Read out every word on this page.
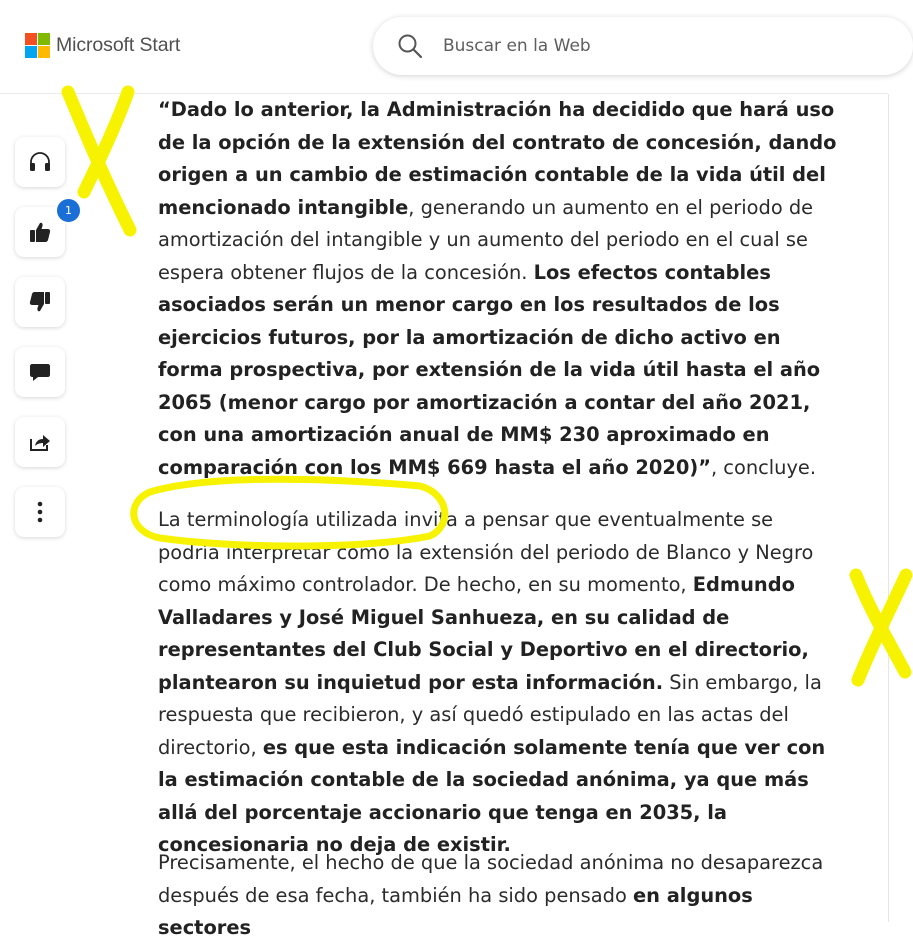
Microsoft Start
Buscar en la Web
1

“Dado lo anterior, la Administración ha decidido que hará uso de la opción de la extensión del contrato de concesión, dando origen a un cambio de estimación contable de la vida útil del mencionado intangible, generando un aumento en el periodo de amortización del intangible y un aumento del periodo en el cual se espera obtener flujos de la concesión. Los efectos contables asociados serán un menor cargo en los resultados de los ejercicios futuros, por la amortización de dicho activo en forma prospectiva, por extensión de la vida útil hasta el año 2065 (menor cargo por amortización a contar del año 2021, con una amortización anual de MM$ 230 aproximado en comparación con los MM$ 669 hasta el año 2020)”, concluye.

La terminología utilizada invita a pensar que eventualmente se podría interpretar como la extensión del periodo de Blanco y Negro como máximo controlador. De hecho, en su momento, Edmundo Valladares y José Miguel Sanhueza, en su calidad de representantes del Club Social y Deportivo en el directorio, plantearon su inquietud por esta información. Sin embargo, la respuesta que recibieron, y así quedó estipulado en las actas del directorio, es que esta indicación solamente tenía que ver con la estimación contable de la sociedad anónima, ya que más allá del porcentaje accionario que tenga en 2035, la concesionaria no deja de existir.

Precisamente, el hecho de que la sociedad anónima no desaparezca después de esa fecha, también ha sido pensado en algunos sectores
